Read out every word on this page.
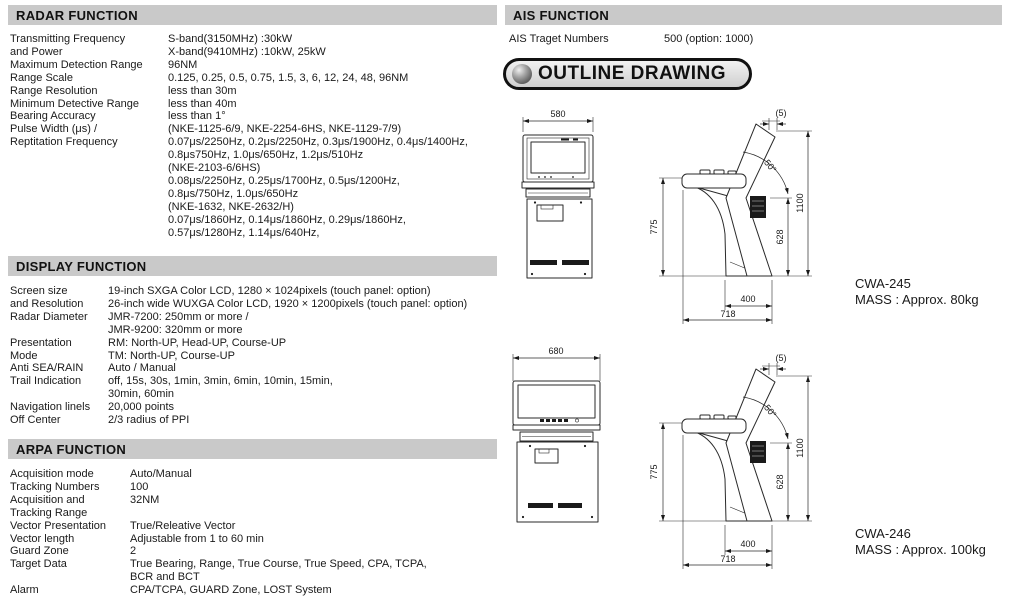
RADAR FUNCTION
Transmitting Frequency	S-band(3150MHz) :30kW
and Power	X-band(9410MHz) :10kW, 25kW
Maximum Detection Range	96NM
Range Scale	0.125, 0.25, 0.5, 0.75, 1.5, 3, 6, 12, 24, 48, 96NM
Range Resolution	less than 30m
Minimum Detective Range	less than 40m
Bearing Accuracy	less than 1°
Pulse Width (μs) /	(NKE-1125-6/9, NKE-2254-6HS, NKE-1129-7/9)
Reptitation Frequency	0.07μs/2250Hz, 0.2μs/2250Hz, 0.3μs/1900Hz, 0.4μs/1400Hz,
0.8μs750Hz, 1.0μs/650Hz, 1.2μs/510Hz
(NKE-2103-6/6HS)
0.08μs/2250Hz, 0.25μs/1700Hz, 0.5μs/1200Hz,
0.8μs/750Hz, 1.0μs/650Hz
(NKE-1632, NKE-2632/H)
0.07μs/1860Hz, 0.14μs/1860Hz, 0.29μs/1860Hz,
0.57μs/1280Hz, 1.14μs/640Hz,
DISPLAY FUNCTION
Screen size	19-inch SXGA Color LCD, 1280 × 1024pixels (touch panel: option)
and Resolution	26-inch wide WUXGA Color LCD, 1920 × 1200pixels (touch panel: option)
Radar Diameter	JMR-7200: 250mm or more /
JMR-9200: 320mm or more
Presentation	RM: North-UP, Head-UP, Course-UP
Mode	TM: North-UP, Course-UP
Anti SEA/RAIN	Auto / Manual
Trail Indication	off, 15s, 30s, 1min, 3min, 6min, 10min, 15min,
30min, 60min
Navigation linels	20,000 points
Off Center	2/3 radius of PPI
ARPA FUNCTION
Acquisition mode	Auto/Manual
Tracking Numbers	100
Acquisition and	32NM
Tracking Range
Vector Presentation	True/Releative Vector
Vector length	Adjustable from 1 to 60 min
Guard Zone	2
Target Data	True Bearing, Range, True Course, True Speed, CPA, TCPA,
BCR and BCT
Alarm	CPA/TCPA, GUARD Zone, LOST System
AIS FUNCTION
AIS Traget Numbers	500 (option: 1000)
OUTLINE DRAWING
580	(5)
50°
775
1100
628
400
718
CWA-245
MASS : Approx. 80kg
680
(5)
50°
775
1100
628
400
718
CWA-246
MASS : Approx. 100kg
